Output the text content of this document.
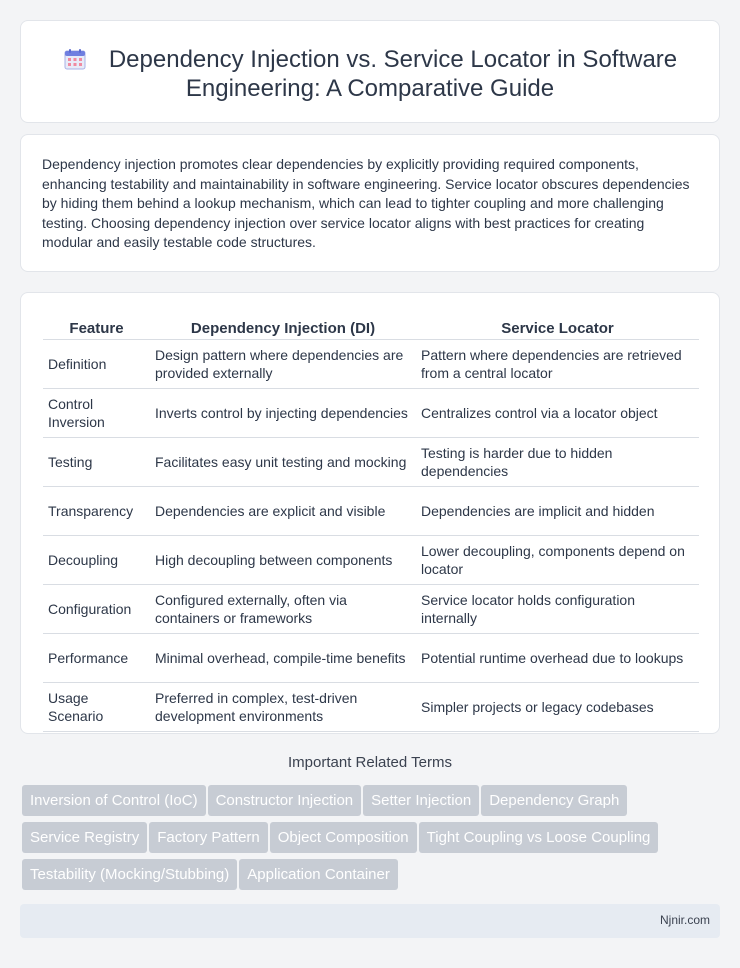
Dependency Injection vs. Service Locator in Software Engineering: A Comparative Guide

Dependency injection promotes clear dependencies by explicitly providing required components, enhancing testability and maintainability in software engineering. Service locator obscures dependencies by hiding them behind a lookup mechanism, which can lead to tighter coupling and more challenging testing. Choosing dependency injection over service locator aligns with best practices for creating modular and easily testable code structures.

Feature	Dependency Injection (DI)	Service Locator
Definition	Design pattern where dependencies are provided externally	Pattern where dependencies are retrieved from a central locator
Control Inversion	Inverts control by injecting dependencies	Centralizes control via a locator object
Testing	Facilitates easy unit testing and mocking	Testing is harder due to hidden dependencies
Transparency	Dependencies are explicit and visible	Dependencies are implicit and hidden
Decoupling	High decoupling between components	Lower decoupling, components depend on locator
Configuration	Configured externally, often via containers or frameworks	Service locator holds configuration internally
Performance	Minimal overhead, compile-time benefits	Potential runtime overhead due to lookups
Usage Scenario	Preferred in complex, test-driven development environments	Simpler projects or legacy codebases
Important Related Terms
Inversion of Control (IoC) Constructor Injection Setter Injection Dependency Graph
Service Registry Factory Pattern Object Composition Tight Coupling vs Loose Coupling
Testability (Mocking/Stubbing) Application Container
Njnir.com
